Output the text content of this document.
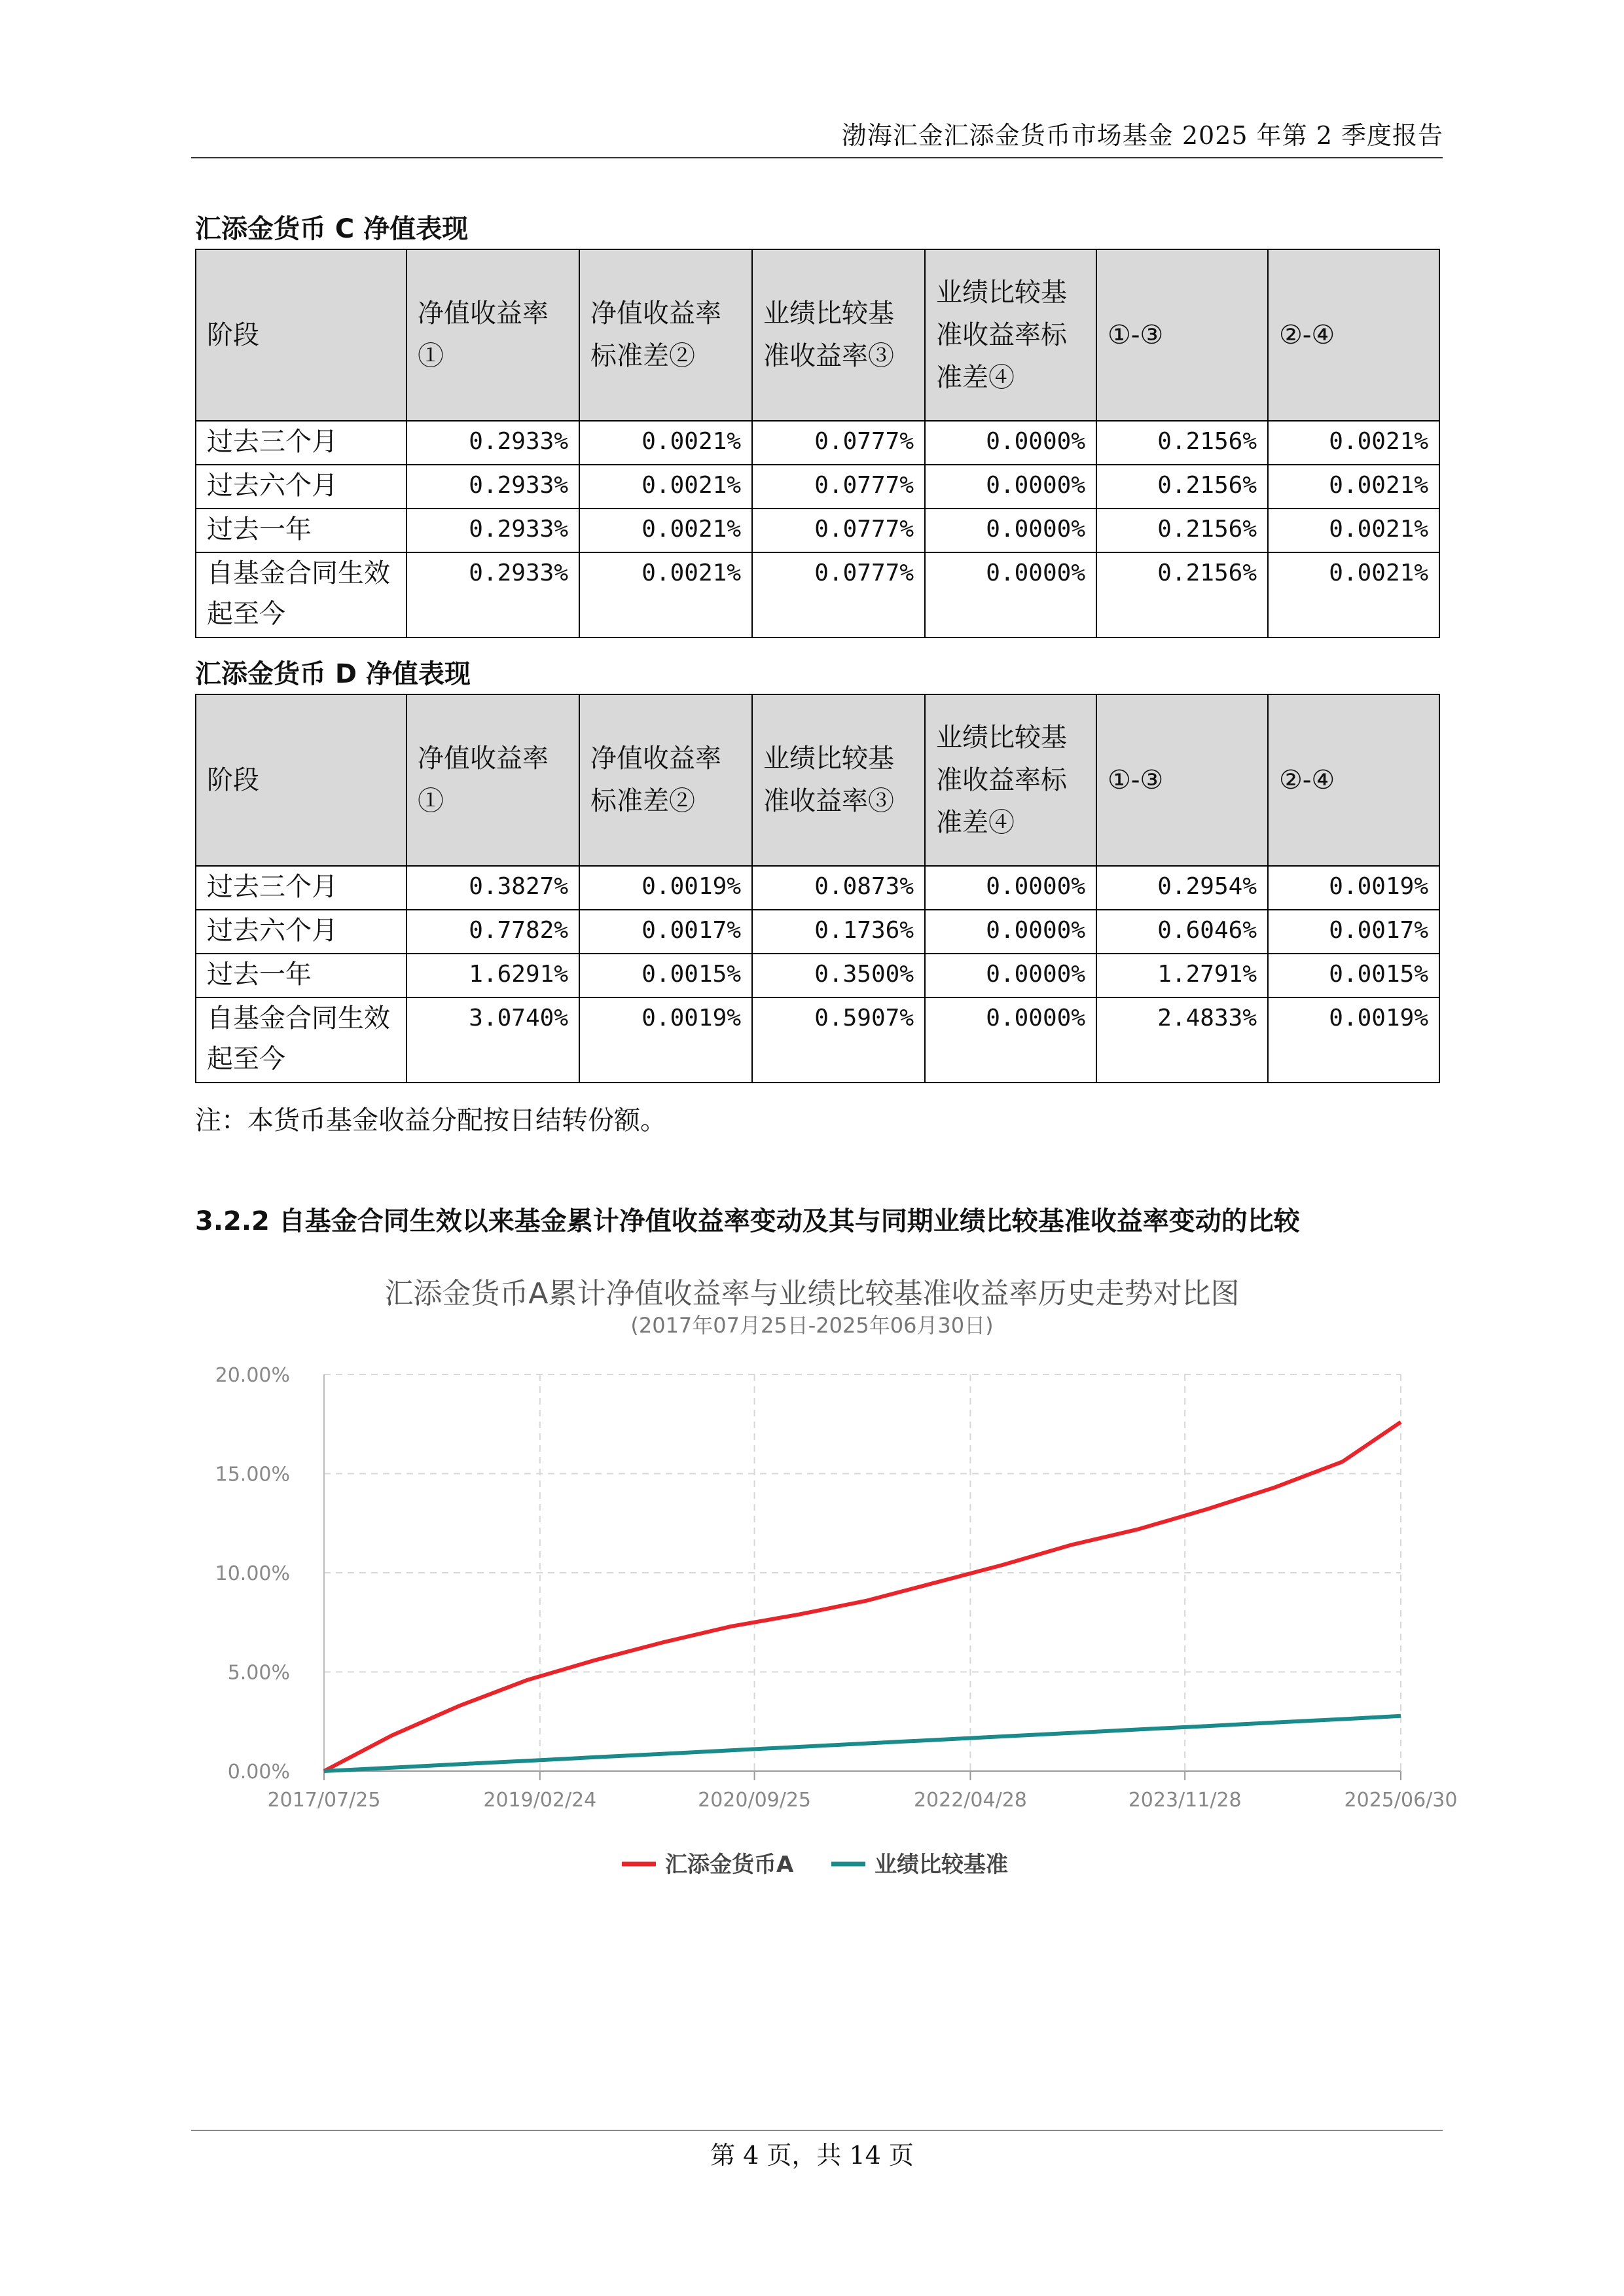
渤海汇金汇添金货币市场基金 2025 年第 2 季度报告
汇添金货币 C 净值表现
阶段	净值收益率①	净值收益率标准差②	业绩比较基准收益率③	业绩比较基准收益率标准差④	①-③	②-④
过去三个月	0.2933%	0.0021%	0.0777%	0.0000%	0.2156%	0.0021%
过去六个月	0.2933%	0.0021%	0.0777%	0.0000%	0.2156%	0.0021%
过去一年	0.2933%	0.0021%	0.0777%	0.0000%	0.2156%	0.0021%
自基金合同生效起至今	0.2933%	0.0021%	0.0777%	0.0000%	0.2156%	0.0021%
汇添金货币 D 净值表现
阶段	净值收益率①	净值收益率标准差②	业绩比较基准收益率③	业绩比较基准收益率标准差④	①-③	②-④
过去三个月	0.3827%	0.0019%	0.0873%	0.0000%	0.2954%	0.0019%
过去六个月	0.7782%	0.0017%	0.1736%	0.0000%	0.6046%	0.0017%
过去一年	1.6291%	0.0015%	0.3500%	0.0000%	1.2791%	0.0015%
自基金合同生效起至今	3.0740%	0.0019%	0.5907%	0.0000%	2.4833%	0.0019%
注：本货币基金收益分配按日结转份额。
3.2.2 自基金合同生效以来基金累计净值收益率变动及其与同期业绩比较基准收益率变动的比较
汇添金货币A累计净值收益率与业绩比较基准收益率历史走势对比图
(2017年07月25日-2025年06月30日)
0.00%
5.00%
10.00%
15.00%
20.00%
2017/07/25	2019/02/24	2020/09/25	2022/04/28	2023/11/28	2025/06/30
汇添金货币A	业绩比较基准
第 4 页，共 14 页
